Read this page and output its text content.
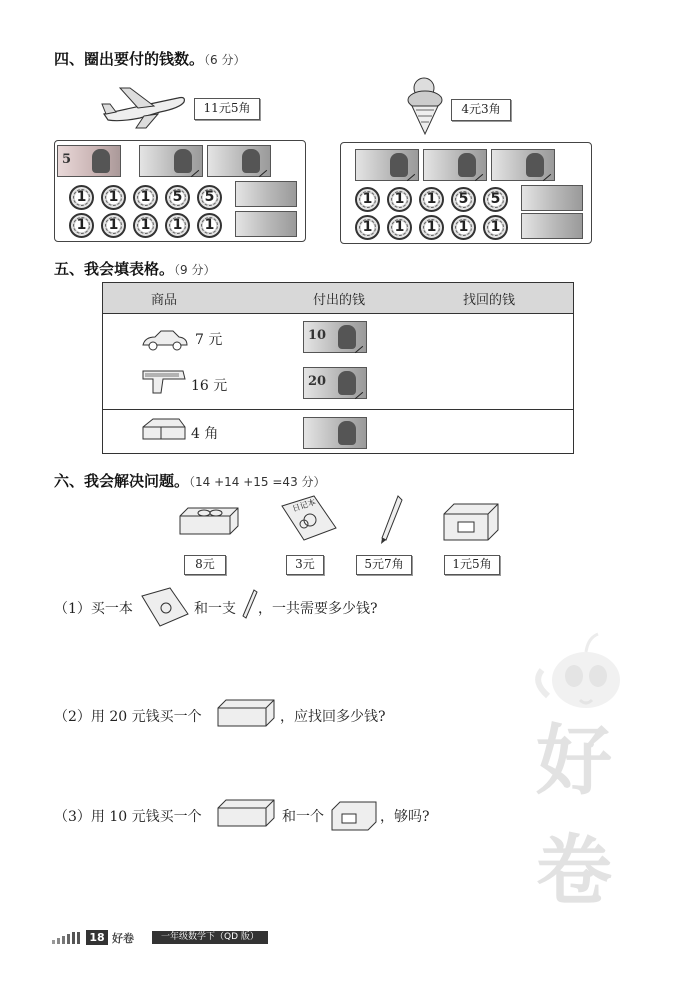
四、圈出要付的钱数。（6 分）
11元5角	4元3角
5
1	1	1	5	5
1	1	1	1	1
1	1	1	5	5
1	1	1	1	1
五、我会填表格。（9 分）
商品	付出的钱	找回的钱
7 元	10
16 元	20
4 角
六、我会解决问题。（14 +14 +15 =43 分）
日记本
8元	3元	5元7角	1元5角
（1）买一本	和一支 ，一共需要多少钱?
（2）用 20 元钱买一个	，应找回多少钱?
（3）用 10 元钱买一个	和一个	，够吗?
好
卷
18 好卷	一年级数学下（QD 版）
